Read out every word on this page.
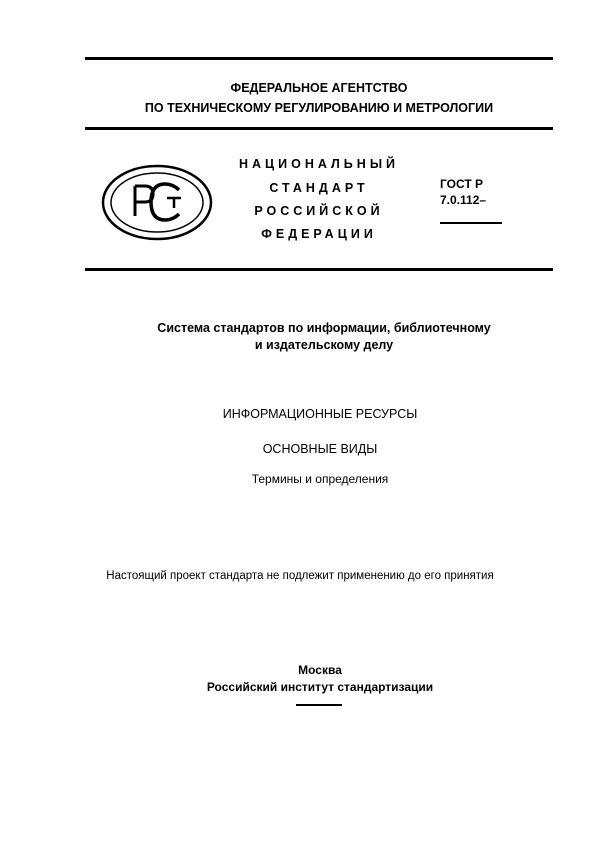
ФЕДЕРАЛЬНОЕ АГЕНТСТВО
ПО ТЕХНИЧЕСКОМУ РЕГУЛИРОВАНИЮ И МЕТРОЛОГИИ
НАЦИОНАЛЬНЫЙ
СТАНДАРТ
РОССИЙСКОЙ
ФЕДЕРАЦИИ
ГОСТ Р
7.0.112–
Система стандартов по информации, библиотечному
и издательскому делу
ИНФОРМАЦИОННЫЕ РЕСУРСЫ
ОСНОВНЫЕ ВИДЫ
Термины и определения
Настоящий проект стандарта не подлежит применению до его принятия
Москва
Российский институт стандартизации
